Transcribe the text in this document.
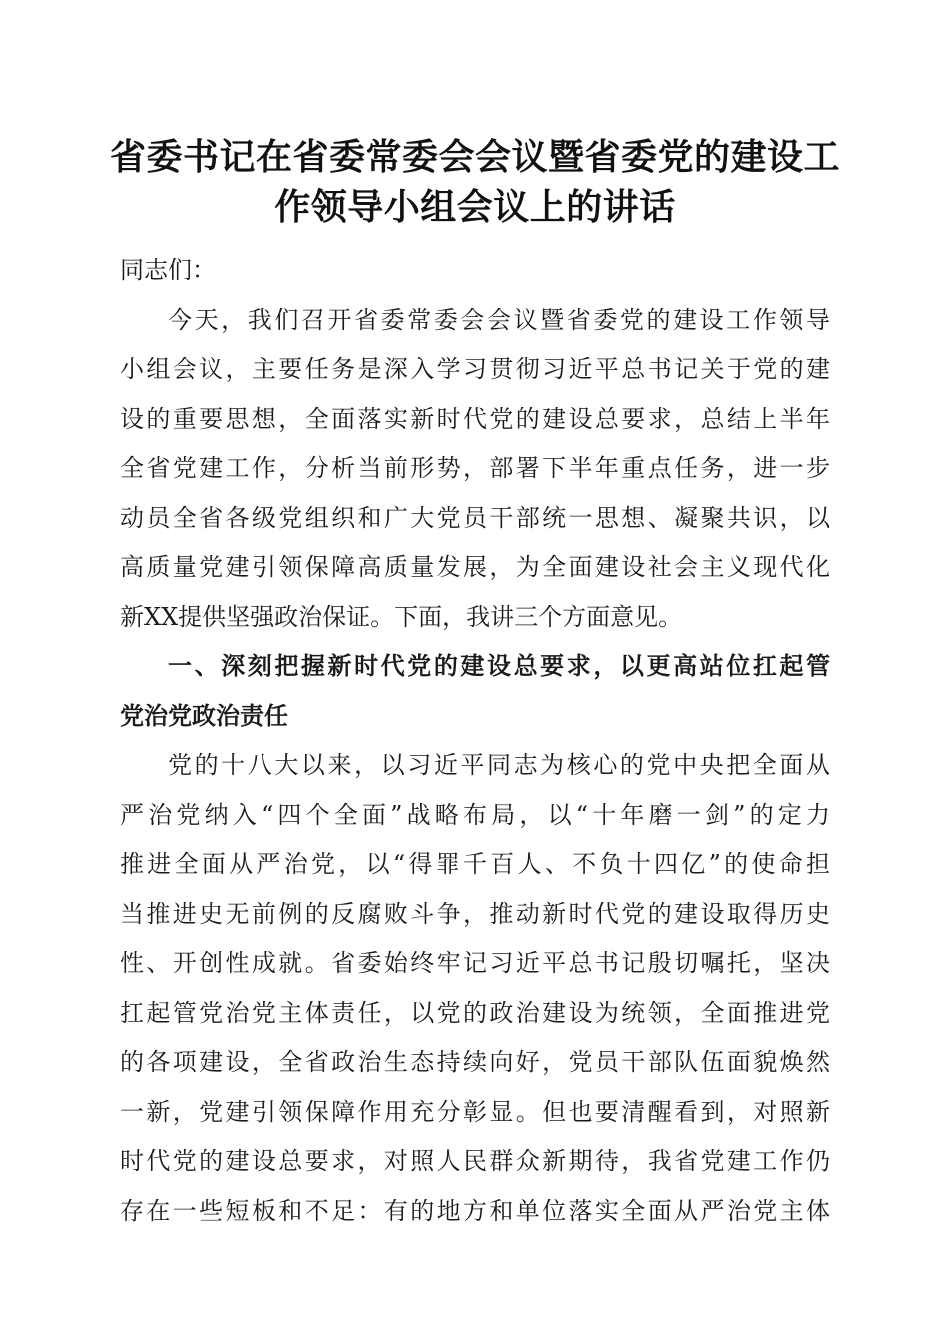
省委书记在省委常委会会议暨省委党的建设工
作领导小组会议上的讲话
同志们：
今天，我们召开省委常委会会议暨省委党的建设工作领导
小组会议，主要任务是深入学习贯彻习近平总书记关于党的建
设的重要思想，全面落实新时代党的建设总要求，总结上半年
全省党建工作，分析当前形势，部署下半年重点任务，进一步
动员全省各级党组织和广大党员干部统一思想、凝聚共识，以
高质量党建引领保障高质量发展，为全面建设社会主义现代化
新XX提供坚强政治保证。下面，我讲三个方面意见。
一、深刻把握新时代党的建设总要求，以更高站位扛起管
党治党政治责任
党的十八大以来，以习近平同志为核心的党中央把全面从
严治党纳入“四个全面”战略布局，以“十年磨一剑”的定力
推进全面从严治党，以“得罪千百人、不负十四亿”的使命担
当推进史无前例的反腐败斗争，推动新时代党的建设取得历史
性、开创性成就。省委始终牢记习近平总书记殷切嘱托，坚决
扛起管党治党主体责任，以党的政治建设为统领，全面推进党
的各项建设，全省政治生态持续向好，党员干部队伍面貌焕然
一新，党建引领保障作用充分彰显。但也要清醒看到，对照新
时代党的建设总要求，对照人民群众新期待，我省党建工作仍
存在一些短板和不足：有的地方和单位落实全面从严治党主体
